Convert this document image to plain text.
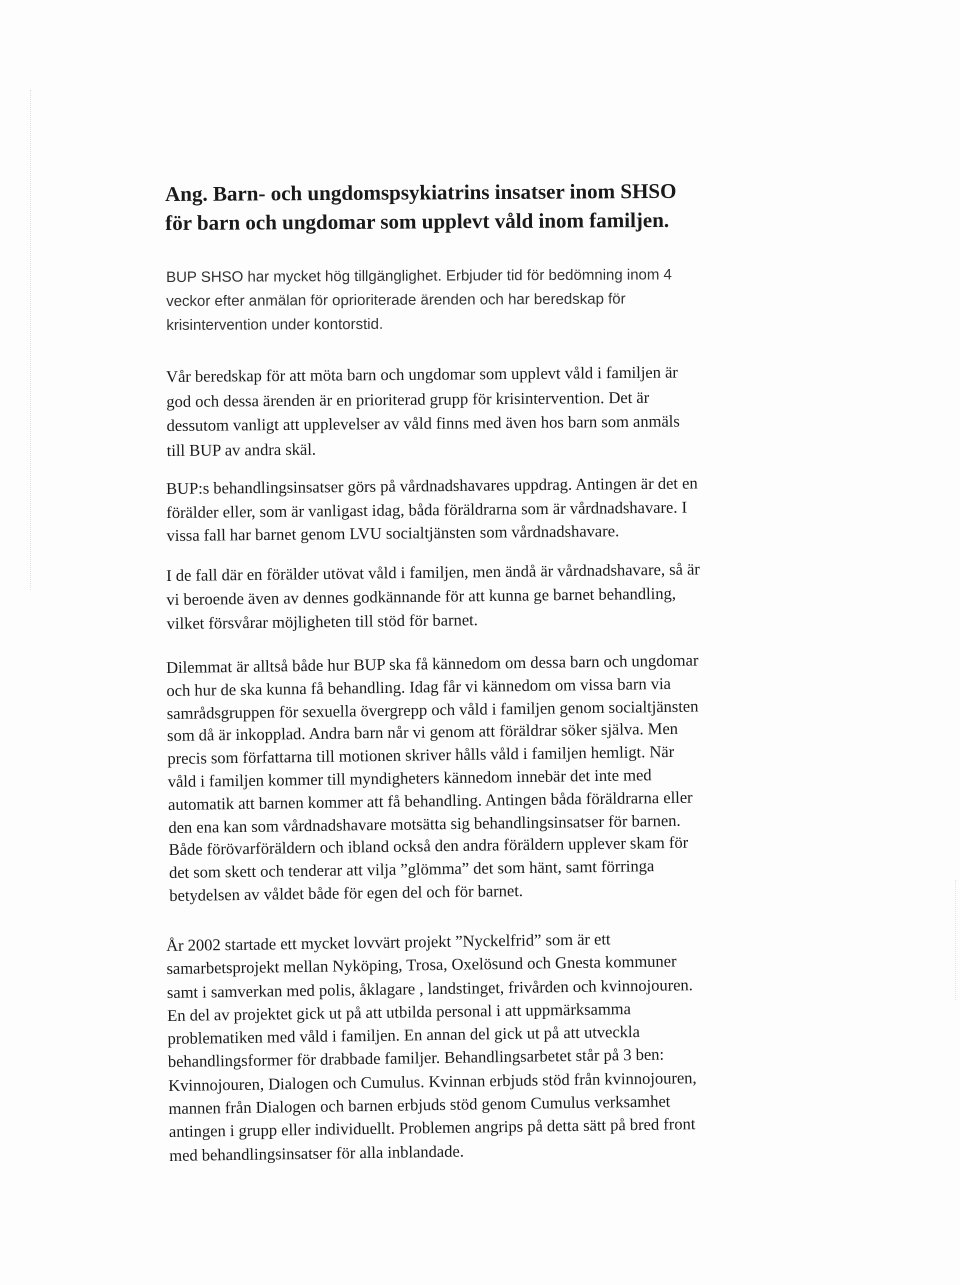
Ang. Barn- och ungdomspsykiatrins insatser inom SHSO
för barn och ungdomar som upplevt våld inom familjen.

BUP SHSO har mycket hög tillgänglighet. Erbjuder tid för bedömning inom 4
veckor efter anmälan för oprioriterade ärenden och har beredskap för
krisintervention under kontorstid.

Vår beredskap för att möta barn och ungdomar som upplevt våld i familjen är
god och dessa ärenden är en prioriterad grupp för krisintervention. Det är
dessutom vanligt att upplevelser av våld finns med även hos barn som anmäls
till BUP av andra skäl.

BUP:s behandlingsinsatser görs på vårdnadshavares uppdrag. Antingen är det en
förälder eller, som är vanligast idag, båda föräldrarna som är vårdnadshavare. I
vissa fall har barnet genom LVU socialtjänsten som vårdnadshavare.

I de fall där en förälder utövat våld i familjen, men ändå är vårdnadshavare, så är
vi beroende även av dennes godkännande för att kunna ge barnet behandling,
vilket försvårar möjligheten till stöd för barnet.

Dilemmat är alltså både hur BUP ska få kännedom om dessa barn och ungdomar
och hur de ska kunna få behandling. Idag får vi kännedom om vissa barn via
samrådsgruppen för sexuella övergrepp och våld i familjen genom socialtjänsten
som då är inkopplad. Andra barn når vi genom att föräldrar söker själva. Men
precis som författarna till motionen skriver hålls våld i familjen hemligt. När
våld i familjen kommer till myndigheters kännedom innebär det inte med
automatik att barnen kommer att få behandling. Antingen båda föräldrarna eller
den ena kan som vårdnadshavare motsätta sig behandlingsinsatser för barnen.
Både förövarföräldern och ibland också den andra föräldern upplever skam för
det som skett och tenderar att vilja ”glömma” det som hänt, samt förringa
betydelsen av våldet både för egen del och för barnet.

År 2002 startade ett mycket lovvärt projekt ”Nyckelfrid” som är ett
samarbetsprojekt mellan Nyköping, Trosa, Oxelösund och Gnesta kommuner
samt i samverkan med polis, åklagare , landstinget, frivården och kvinnojouren.
En del av projektet gick ut på att utbilda personal i att uppmärksamma
problematiken med våld i familjen. En annan del gick ut på att utveckla
behandlingsformer för drabbade familjer. Behandlingsarbetet står på 3 ben:
Kvinnojouren, Dialogen och Cumulus. Kvinnan erbjuds stöd från kvinnojouren,
mannen från Dialogen och barnen erbjuds stöd genom Cumulus verksamhet
antingen i grupp eller individuellt. Problemen angrips på detta sätt på bred front
med behandlingsinsatser för alla inblandade.
